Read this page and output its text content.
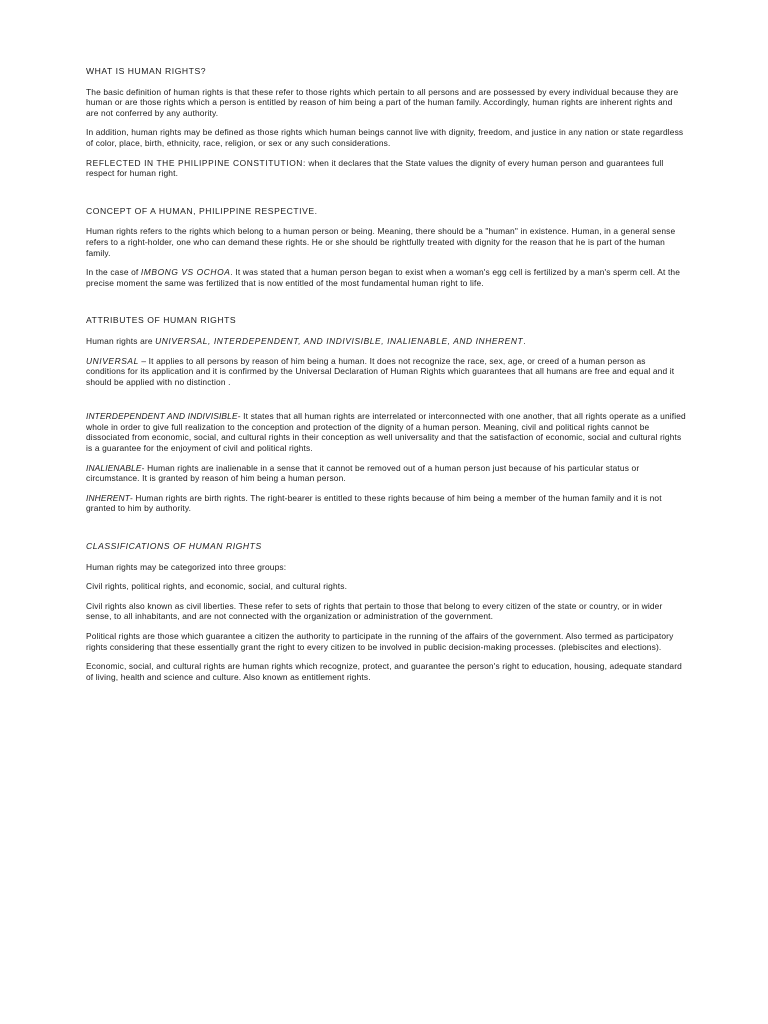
WHAT IS HUMAN RIGHTS?

The basic definition of human rights is that these refer to those rights which pertain to all persons and are possessed by every individual because they are human or are those rights which a person is entitled by reason of him being a part of the human family. Accordingly, human rights are inherent rights and are not conferred by any authority.

In addition, human rights may be defined as those rights which human beings cannot live with dignity, freedom, and justice in any nation or state regardless of color, place, birth, ethnicity, race, religion, or sex or any such considerations.

REFLECTED IN THE PHILIPPINE CONSTITUTION: when it declares that the State values the dignity of every human person and guarantees full respect for human right.

CONCEPT OF A HUMAN, PHILIPPINE RESPECTIVE.

Human rights refers to the rights which belong to a human person or being. Meaning, there should be a "human" in existence. Human, in a general sense refers to a right-holder, one who can demand these rights. He or she should be rightfully treated with dignity for the reason that he is part of the human family.

In the case of IMBONG VS OCHOA. It was stated that a human person began to exist when a woman's egg cell is fertilized by a man's sperm cell. At the precise moment the same was fertilized that is now entitled of the most fundamental human right to life.

ATTRIBUTES OF HUMAN RIGHTS

Human rights are UNIVERSAL, INTERDEPENDENT, AND INDIVISIBLE, INALIENABLE, AND INHERENT.

UNIVERSAL – It applies to all persons by reason of him being a human. It does not recognize the race, sex, age, or creed of a human person as conditions for its application and it is confirmed by the Universal Declaration of Human Rights which guarantees that all humans are free and equal and it should be applied with no distinction .

INTERDEPENDENT AND INDIVISIBLE- It states that all human rights are interrelated or interconnected with one another, that all rights operate as a unified whole in order to give full realization to the conception and protection of the dignity of a human person. Meaning, civil and political rights cannot be dissociated from economic, social, and cultural rights in their conception as well universality and that the satisfaction of economic, social and cultural rights is a guarantee for the enjoyment of civil and political rights.

INALIENABLE- Human rights are inalienable in a sense that it cannot be removed out of a human person just because of his particular status or circumstance. It is granted by reason of him being a human person.

INHERENT- Human rights are birth rights. The right-bearer is entitled to these rights because of him being a member of the human family and it is not granted to him by authority.

CLASSIFICATIONS OF HUMAN RIGHTS

Human rights may be categorized into three groups:

Civil rights, political rights, and economic, social, and cultural rights.

Civil rights also known as civil liberties. These refer to sets of rights that pertain to those that belong to every citizen of the state or country, or in wider sense, to all inhabitants, and are not connected with the organization or administration of the government.

Political rights are those which guarantee a citizen the authority to participate in the running of the affairs of the government. Also termed as participatory rights considering that these essentially grant the right to every citizen to be involved in public decision-making processes. (plebiscites and elections).

Economic, social, and cultural rights are human rights which recognize, protect, and guarantee the person's right to education, housing, adequate standard of living, health and science and culture. Also known as entitlement rights.
